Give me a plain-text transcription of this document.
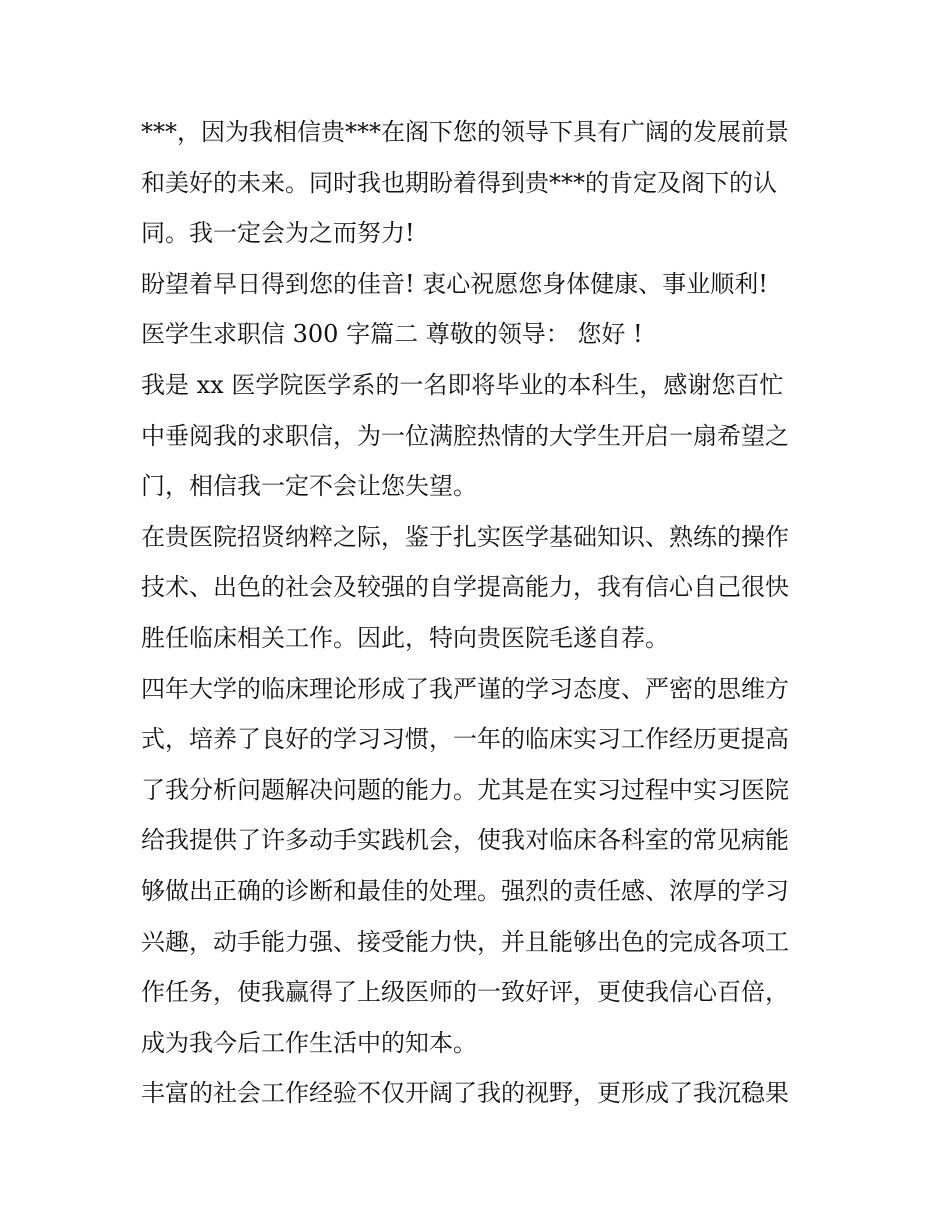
***，因为我相信贵***在阁下您的领导下具有广阔的发展前景
和美好的未来。同时我也期盼着得到贵***的肯定及阁下的认
同。我一定会为之而努力!
盼望着早日得到您的佳音! 衷心祝愿您身体健康、事业顺利!
医学生求职信 300 字篇二 尊敬的领导： 您好 !
我是 xx 医学院医学系的一名即将毕业的本科生，感谢您百忙
中垂阅我的求职信，为一位满腔热情的大学生开启一扇希望之
门，相信我一定不会让您失望。
在贵医院招贤纳粹之际，鉴于扎实医学基础知识、熟练的操作
技术、出色的社会及较强的自学提高能力，我有信心自己很快
胜任临床相关工作。因此，特向贵医院毛遂自荐。
四年大学的临床理论形成了我严谨的学习态度、严密的思维方
式，培养了良好的学习习惯，一年的临床实习工作经历更提高
了我分析问题解决问题的能力。尤其是在实习过程中实习医院
给我提供了许多动手实践机会，使我对临床各科室的常见病能
够做出正确的诊断和最佳的处理。强烈的责任感、浓厚的学习
兴趣，动手能力强、接受能力快，并且能够出色的完成各项工
作任务，使我赢得了上级医师的一致好评，更使我信心百倍，
成为我今后工作生活中的知本。
丰富的社会工作经验不仅开阔了我的视野，更形成了我沉稳果
